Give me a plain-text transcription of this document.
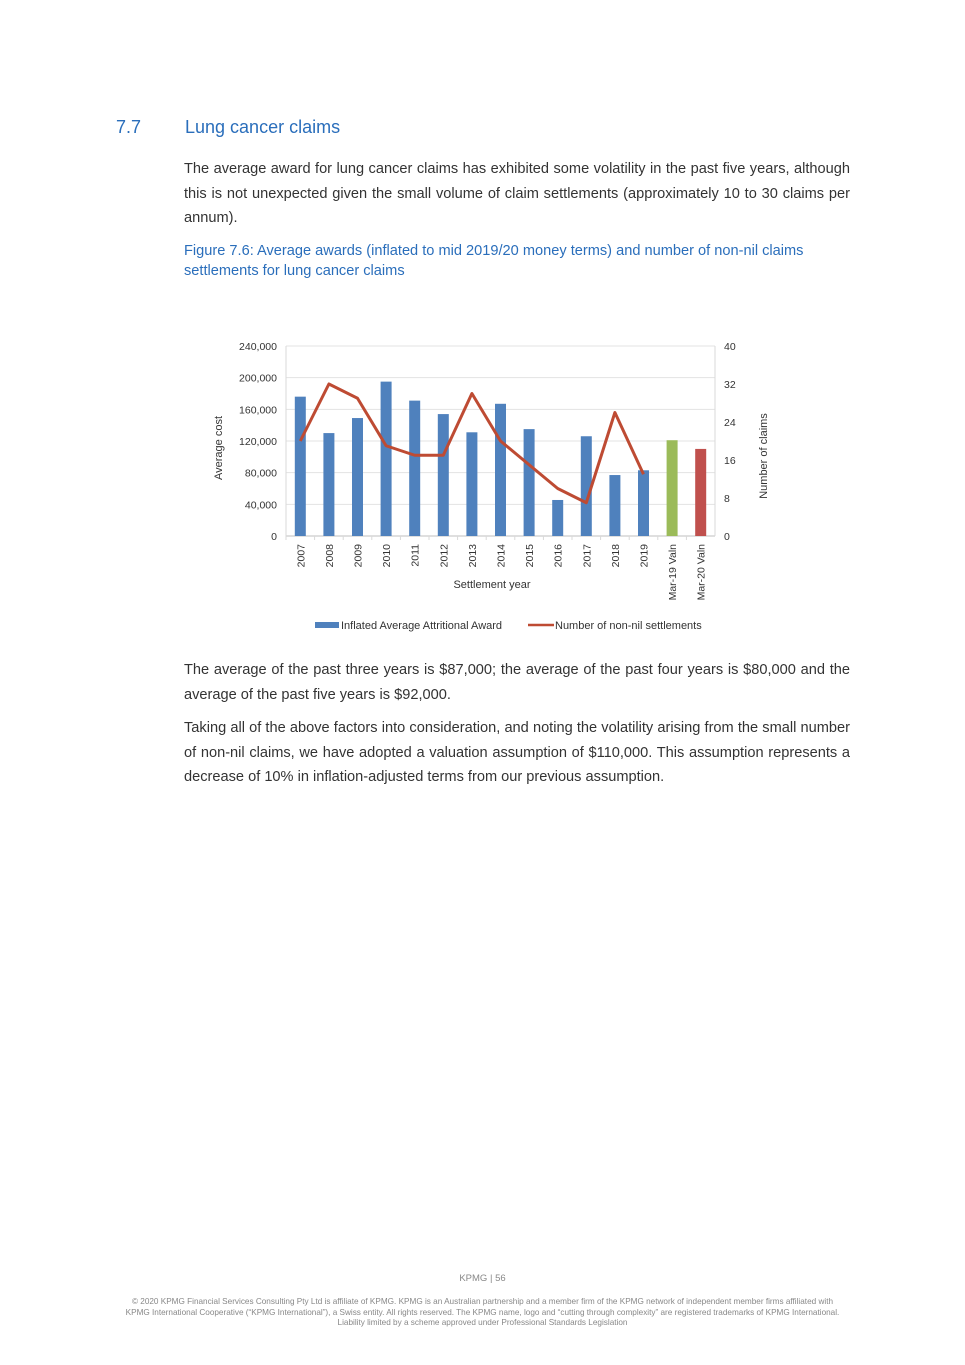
7.7 Lung cancer claims
The average award for lung cancer claims has exhibited some volatility in the past five years, although this is not unexpected given the small volume of claim settlements (approximately 10 to 30 claims per annum).
Figure 7.6: Average awards (inflated to mid 2019/20 money terms) and number of non-nil claims settlements for lung cancer claims
0
40,000
80,000
120,000
160,000
200,000
240,000
0
8
16
24
32
40
2007 2008 2009 2010 2011 2012 2013 2014 2015 2016 2017 2018 2019 Mar-19 Valn Mar-20 Valn
Average cost	Number of claims
Settlement year
Inflated Average Attritional Award	Number of non-nil settlements
The average of the past three years is $87,000; the average of the past four years is $80,000 and the average of the past five years is $92,000.
Taking all of the above factors into consideration, and noting the volatility arising from the small number of non-nil claims, we have adopted a valuation assumption of $110,000. This assumption represents a decrease of 10% in inflation-adjusted terms from our previous assumption.
KPMG | 56
© 2020 KPMG Financial Services Consulting Pty Ltd is affiliate of KPMG. KPMG is an Australian partnership and a member firm of the KPMG network of independent member firms affiliated with KPMG International Cooperative (“KPMG International”), a Swiss entity. All rights reserved. The KPMG name, logo and “cutting through complexity” are registered trademarks of KPMG International. Liability limited by a scheme approved under Professional Standards Legislation
